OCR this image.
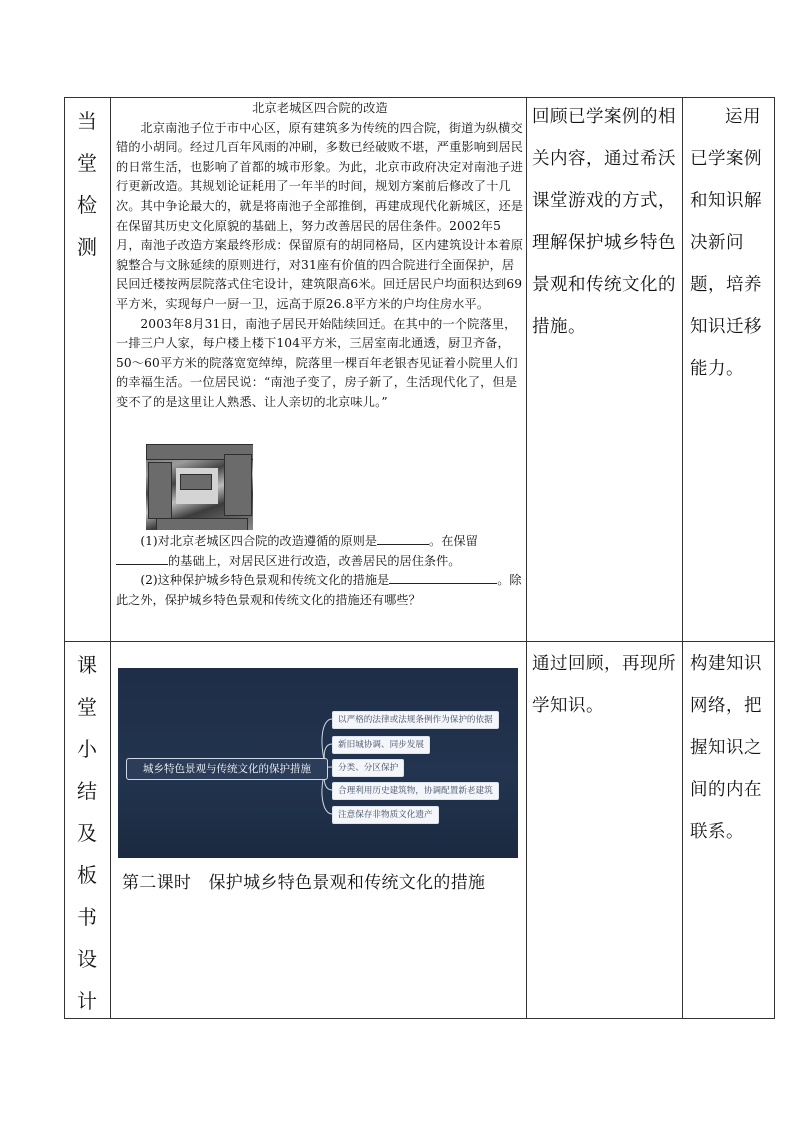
当
堂
检
测

北京老城区四合院的改造

北京南池子位于市中心区，原有建筑多为传统的四合院，街道为纵横交错的小胡同。经过几百年风雨的冲刷，多数已经破败不堪，严重影响到居民的日常生活，也影响了首都的城市形象。为此，北京市政府决定对南池子进行更新改造。其规划论证耗用了一年半的时间，规划方案前后修改了十几次。其中争论最大的，就是将南池子全部推倒，再建成现代化新城区，还是在保留其历史文化原貌的基础上，努力改善居民的居住条件。2002年5月，南池子改造方案最终形成：保留原有的胡同格局，区内建筑设计本着原貌整合与文脉延续的原则进行，对31座有价值的四合院进行全面保护，居民回迁楼按两层院落式住宅设计，建筑限高6米。回迁居民户均面积达到69平方米，实现每户一厨一卫，远高于原26.8平方米的户均住房水平。

2003年8月31日，南池子居民开始陆续回迁。在其中的一个院落里，一排三户人家，每户楼上楼下104平方米，三居室南北通透，厨卫齐备，50～60平方米的院落宽宽绰绰，院落里一棵百年老银杏见证着小院里人们的幸福生活。一位居民说：“南池子变了，房子新了，生活现代化了，但是变不了的是这里让人熟悉、让人亲切的北京味儿。”

(1)对北京老城区四合院的改造遵循的原则是	。在保留的基础上，对居民区进行改造，改善居民的居住条件。

(2)这种保护城乡特色景观和传统文化的措施是	。除此之外，保护城乡特色景观和传统文化的措施还有哪些？

回顾已学案例的相关内容，通过希沃课堂游戏的方式，理解保护城乡特色景观和传统文化的措施。
运用已学案例和知识解决新问题，培养知识迁移能力。
课
堂
小
结
及
板
书
设
计
城乡特色景观与传统文化的保护措施
以严格的法律或法规条例作为保护的依据
新旧城协调、同步发展
分类、分区保护
合理利用历史建筑物，协调配置新老建筑
注意保存非物质文化遗产
第二课时　保护城乡特色景观和传统文化的措施
通过回顾，再现所学知识。
构建知识网络，把握知识之间的内在联系。
